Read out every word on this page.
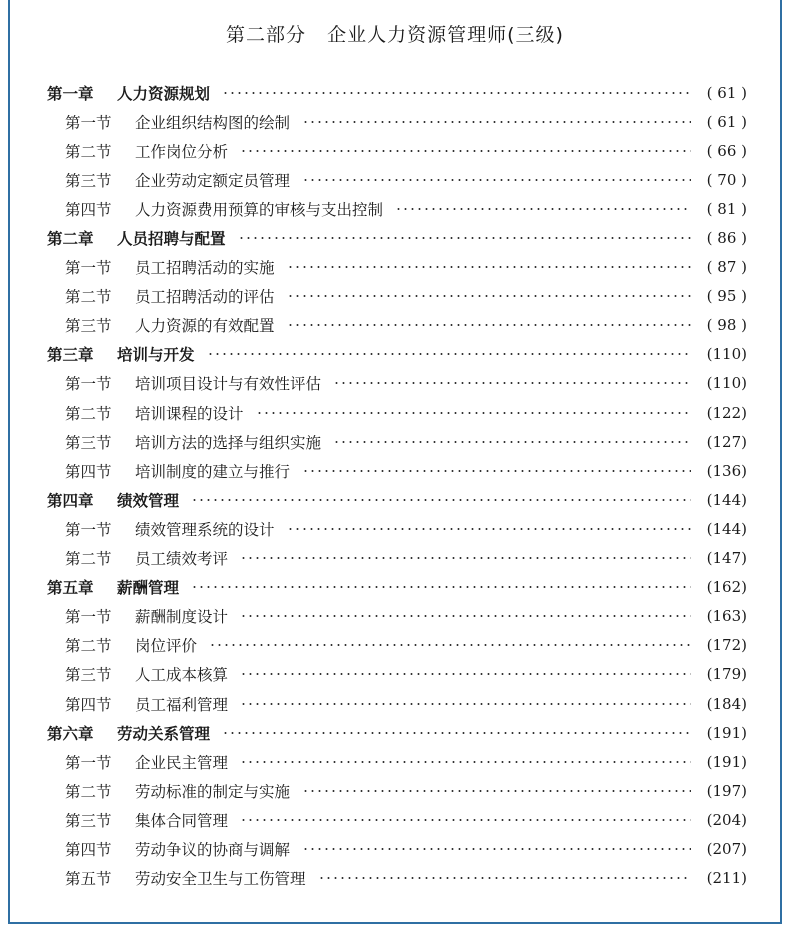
第二部分   企业人力资源管理师(三级)
第一章	人力资源规划	( 61 )
第一节	企业组织结构图的绘制	( 61 )
第二节	工作岗位分析	( 66 )
第三节	企业劳动定额定员管理	( 70 )
第四节	人力资源费用预算的审核与支出控制	( 81 )
第二章	人员招聘与配置	( 86 )
第一节	员工招聘活动的实施	( 87 )
第二节	员工招聘活动的评估	( 95 )
第三节	人力资源的有效配置	( 98 )
第三章	培训与开发	(110)
第一节	培训项目设计与有效性评估	(110)
第二节	培训课程的设计	(122)
第三节	培训方法的选择与组织实施	(127)
第四节	培训制度的建立与推行	(136)
第四章	绩效管理	(144)
第一节	绩效管理系统的设计	(144)
第二节	员工绩效考评	(147)
第五章	薪酬管理	(162)
第一节	薪酬制度设计	(163)
第二节	岗位评价	(172)
第三节	人工成本核算	(179)
第四节	员工福利管理	(184)
第六章	劳动关系管理	(191)
第一节	企业民主管理	(191)
第二节	劳动标准的制定与实施	(197)
第三节	集体合同管理	(204)
第四节	劳动争议的协商与调解	(207)
第五节	劳动安全卫生与工伤管理	(211)
